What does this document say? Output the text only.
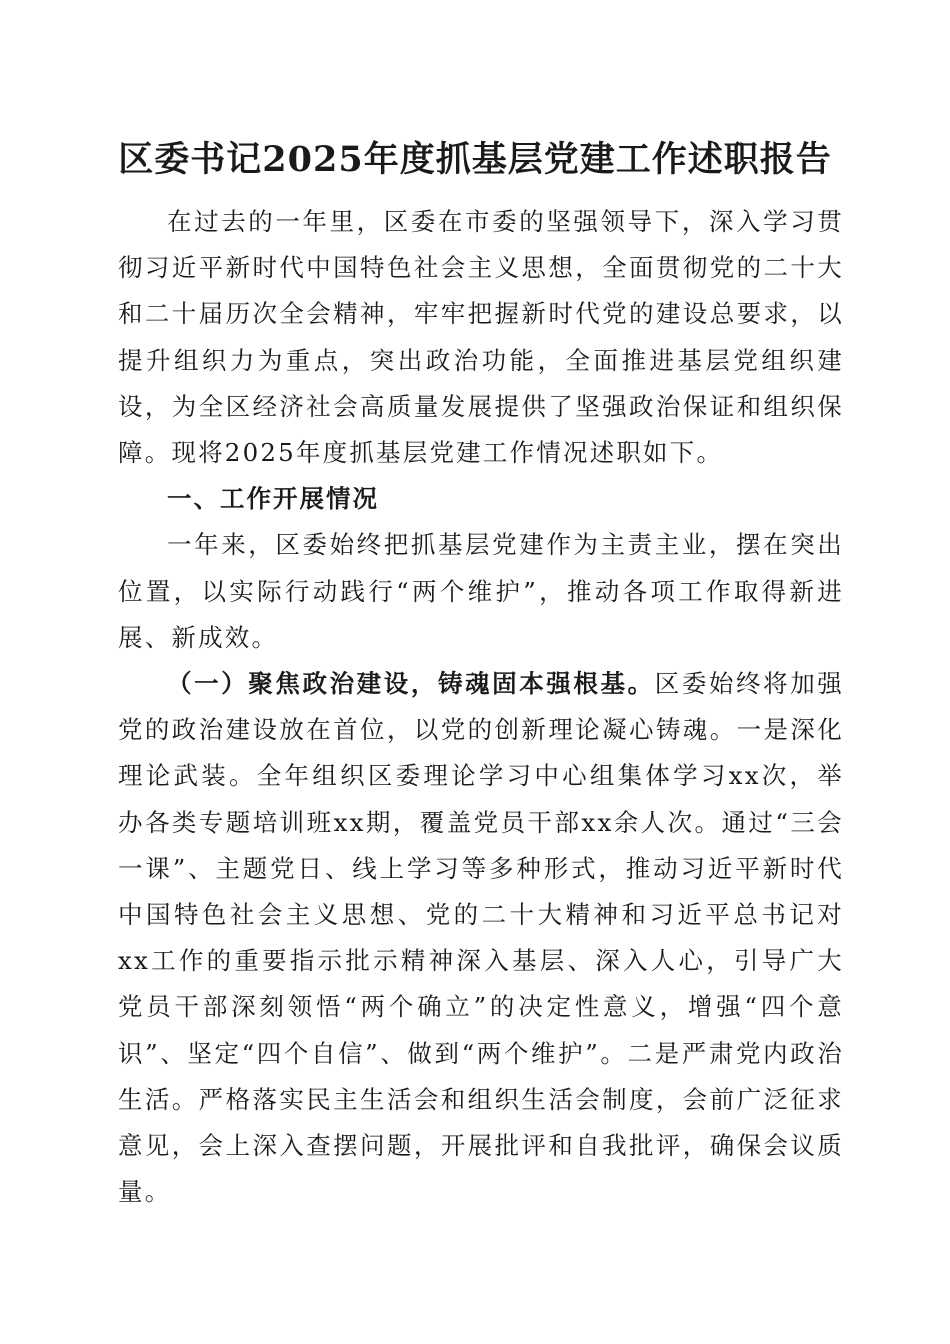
区委书记2025年度抓基层党建工作述职报告

在过去的一年里，区委在市委的坚强领导下，深入学习贯彻习近平新时代中国特色社会主义思想，全面贯彻党的二十大和二十届历次全会精神，牢牢把握新时代党的建设总要求，以提升组织力为重点，突出政治功能，全面推进基层党组织建设，为全区经济社会高质量发展提供了坚强政治保证和组织保障。现将2025年度抓基层党建工作情况述职如下。

一、工作开展情况

一年来，区委始终把抓基层党建作为主责主业，摆在突出位置，以实际行动践行“两个维护”，推动各项工作取得新进展、新成效。

（一）聚焦政治建设，铸魂固本强根基。区委始终将加强党的政治建设放在首位，以党的创新理论凝心铸魂。一是深化理论武装。全年组织区委理论学习中心组集体学习xx次，举办各类专题培训班xx期，覆盖党员干部xx余人次。通过“三会一课”、主题党日、线上学习等多种形式，推动习近平新时代中国特色社会主义思想、党的二十大精神和习近平总书记对xx工作的重要指示批示精神深入基层、深入人心，引导广大党员干部深刻领悟“两个确立”的决定性意义，增强“四个意识”、坚定“四个自信”、做到“两个维护”。二是严肃党内政治生活。严格落实民主生活会和组织生活会制度，会前广泛征求意见，会上深入查摆问题，开展批评和自我批评，确保会议质量。
